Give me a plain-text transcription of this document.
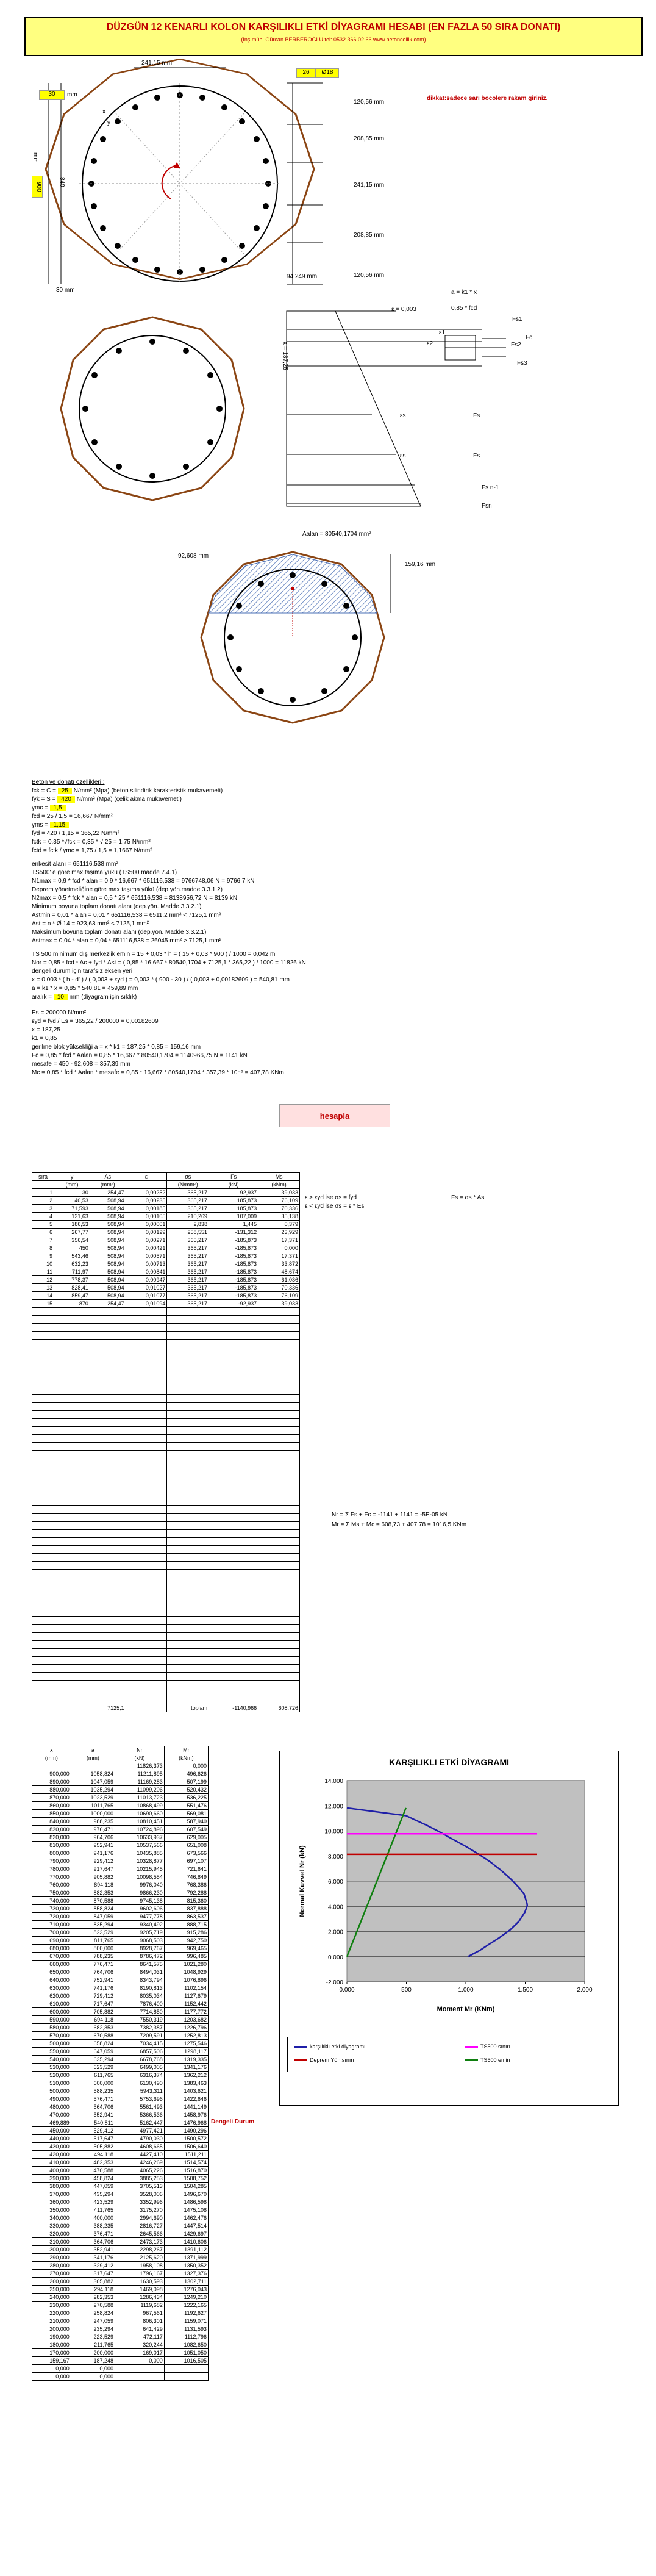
DÜZGÜN 12 KENARLI KOLON KARŞILIKLI ETKİ DİYAGRAMI HESABI (EN FAZLA 50 SIRA DONATI)
(İnş.müh. Gürcan BERBEROĞLU tel: 0532 366 02 66 www.betonceliik.com)
dikkat:sadece sarı bocolere rakam giriniz.
241,15 mm
26	Ø18
30	mm
x
y
900
mm
840
120,56 mm
208,85 mm
241,15 mm
208,85 mm
120,56 mm
30 mm
94,249 mm
a = k1 * x
ε = 0,003	0,85 * fcd
x = 187,25
Fs1
Fc
Fs2
Fs3
ε1
ε2
εs
εs
Fs
Fs
Fs n-1
Fsn
Aalan = 80540,1704 mm²
92,608 mm
159,16 mm
Beton ve donatı özellikleri :
fck = C = 25 N/mm² (Mpa) (beton silindirik karakteristik mukavemeti)
fyk = S = 420 N/mm² (Mpa) (çelik akma mukavemeti)
γmc = 1,5
fcd = 25 / 1,5 = 16,667 N/mm²
γms = 1,15
fyd = 420 / 1,15 = 365,22 N/mm²
fctk = 0,35 *√fck = 0,35 * √ 25 = 1,75 N/mm²
fctd = fctk / γmc = 1,75 / 1,5 = 1,1667 N/mm²
enkesit alanı = 651116,538 mm²
TS500' e göre max taşıma yükü (TS500 madde 7.4.1)
N1max = 0,9 * fcd * alan = 0,9 * 16,667 * 651116,538 = 9766748,06 N = 9766,7 kN
Deprem yönetmeliğine göre max taşıma yükü (dep.yön.madde 3.3.1.2)
N2max = 0,5 * fck * alan = 0,5 * 25 * 651116,538 = 8138956,72 N = 8139 kN
Minimum boyuna toplam donatı alanı (dep.yön. Madde 3.3.2.1)
Astmin = 0,01 * alan = 0,01 * 651116,538 = 6511,2 mm² < 7125,1 mm²
Ast = n * Ø 14 = 923,63 mm² < 7125,1 mm²
Maksimum boyuna toplam donatı alanı (dep.yön. Madde 3.3.2.1)
Astmax = 0,04 * alan = 0,04 * 651116,538 = 26045 mm² > 7125,1 mm²
TS 500 minimum dış merkezlik emin = 15 + 0,03 * h = ( 15 + 0,03 * 900 ) / 1000 = 0,042 m
Nor = 0,85 * fcd * Ac + fyd * Ast = ( 0,85 * 16,667 * 80540,1704 + 7125,1 * 365,22 ) / 1000 = 11826 kN
dengeli durum için tarafsız eksen yeri
x = 0,003 * ( h - d' ) / ( 0,003 + εyd ) = 0,003 * ( 900 - 30 ) / ( 0,003 + 0,00182609 ) = 540,81 mm
a = k1 * x = 0,85 * 540,81 = 459,89 mm
aralık = 10 mm (diyagram için sıklık)
Es = 200000 N/mm²
εyd = fyd / Es = 365,22 / 200000 = 0,00182609
x = 187,25
k1 = 0,85
gerilme blok yüksekliği a = x * k1 = 187,25 * 0,85 = 159,16 mm
Fc = 0,85 * fcd * Aalan = 0,85 * 16,667 * 80540,1704 = 1140966,75 N = 1141 kN
mesafe = 450 - 92,608 = 357,39 mm
Mc = 0,85 * fcd * Aalan * mesafe = 0,85 * 16,667 * 80540,1704 * 357,39 * 10⁻⁶ = 407,78 KNm
hesapla
ε > εyd ise σs = fyd
ε < εyd ise σs = ε * Es
Fs = σs * As
sıra	y	As	ε	σs	Fs	Ms
	(mm)	(mm²)		(N/mm²)	(kN)	(kNm)
1	30	254,47	0,00252	365,217	92,937	39,033
2	40,53	508,94	0,00235	365,217	185,873	76,109
3	71,593	508,94	0,00185	365,217	185,873	70,336
4	121,63	508,94	0,00105	210,269	107,009	35,138
5	186,53	508,94	0,00001	2,838	1,445	0,379
6	267,77	508,94	0,00129	258,551	-131,312	23,929
7	356,54	508,94	0,00271	365,217	-185,873	17,371
8	450	508,94	0,00421	365,217	-185,873	0,000
9	543,46	508,94	0,00571	365,217	-185,873	17,371
10	632,23	508,94	0,00713	365,217	-185,873	33,872
11	711,97	508,94	0,00841	365,217	-185,873	48,674
12	778,37	508,94	0,00947	365,217	-185,873	61,036
13	828,41	508,94	0,01027	365,217	-185,873	70,336
14	859,47	508,94	0,01077	365,217	-185,873	76,109
15	870	254,47	0,01094	365,217	-92,937	39,033

		7125,1		toplam	-1140,966	608,726
Nr = Σ Fs + Fc = -1141 + 1141 = -5E-05 kN
Mr = Σ Ms + Mc = 608,73 + 407,78 = 1016,5 KNm
x	a	Nr	Mr
(mm)	(mm)	(kN)	(kNm)
		11826,373	0,000
900,000	1058,824	11211,895	496,626
890,000	1047,059	11169,283	507,199
880,000	1035,294	11099,206	520,432
870,000	1023,529	11013,723	536,225
860,000	1011,765	10868,499	551,476
850,000	1000,000	10690,660	569,081
840,000	988,235	10810,451	587,940
830,000	976,471	10724,896	607,549
820,000	964,706	10633,937	629,005
810,000	952,941	10537,566	651,008
800,000	941,176	10435,885	673,566
790,000	929,412	10328,877	697,107
780,000	917,647	10215,945	721,641
770,000	905,882	10098,554	746,849
760,000	894,118	9976,040	768,386
750,000	882,353	9866,230	792,288
740,000	870,588	9745,138	815,360
730,000	858,824	9602,606	837,888
720,000	847,059	9477,778	863,537
710,000	835,294	9340,492	888,715
700,000	823,529	9205,719	915,286
690,000	811,765	9068,503	942,750
680,000	800,000	8928,767	969,465
670,000	788,235	8786,472	996,485
660,000	776,471	8641,575	1021,280
650,000	764,706	8494,031	1048,929
640,000	752,941	8343,794	1076,896
630,000	741,176	8190,813	1102,154
620,000	729,412	8035,034	1127,679
610,000	717,647	7876,400	1152,442
600,000	705,882	7714,850	1177,772
590,000	694,118	7550,319	1203,682
580,000	682,353	7382,387	1226,796
570,000	670,588	7209,591	1252,813
560,000	658,824	7034,415	1275,546
550,000	647,059	6857,506	1298,117
540,000	635,294	6678,768	1319,335
530,000	623,529	6499,005	1341,176
520,000	611,765	6316,374	1362,212
510,000	600,000	6130,490	1383,463
500,000	588,235	5943,311	1403,621
490,000	576,471	5753,696	1422,646
480,000	564,706	5561,493	1441,149
470,000	552,941	5366,536	1458,976
469,889	540,811	5162,447	1476,968
450,000	529,412	4977,421	1490,296
440,000	517,647	4790,030	1500,572
430,000	505,882	4608,665	1506,640
420,000	494,118	4427,410	1511,211
410,000	482,353	4246,269	1514,574
400,000	470,588	4065,226	1516,870
390,000	458,824	3885,253	1508,752
380,000	447,059	3705,513	1504,285
370,000	435,294	3528,006	1496,670
360,000	423,529	3352,996	1486,598
350,000	411,765	3175,270	1475,108
340,000	400,000	2994,690	1462,476
330,000	388,235	2816,727	1447,514
320,000	376,471	2645,566	1429,697
310,000	364,706	2473,173	1410,606
300,000	352,941	2298,267	1391,112
290,000	341,176	2125,620	1371,999
280,000	329,412	1958,108	1350,352
270,000	317,647	1796,167	1327,376
260,000	305,882	1630,593	1302,711
250,000	294,118	1469,098	1276,043
240,000	282,353	1286,434	1249,210
230,000	270,588	1119,682	1222,165
220,000	258,824	967,561	1192,627
210,000	247,059	806,301	1159,071
200,000	235,294	641,429	1131,593
190,000	223,529	472,117	1112,796
180,000	211,765	320,244	1082,650
170,000	200,000	169,017	1051,050
159,167	187,248	0,000	1016,505
0,000	0,000		
0,000	0,000		
Dengeli Durum
KARŞILIKLI ETKİ DİYAGRAMI
14.000
12.000
10.000
8.000
6.000
4.000
2.000
0.000
-2.000
0.000	500	1.000	1.500	2.000
Moment Mr (KNm)
Normal Kuvvet Nr (kN)
karşılıklı etki diyagramı	TS500 sınırı
Deprem Yön.sınırı	TS500 emin
